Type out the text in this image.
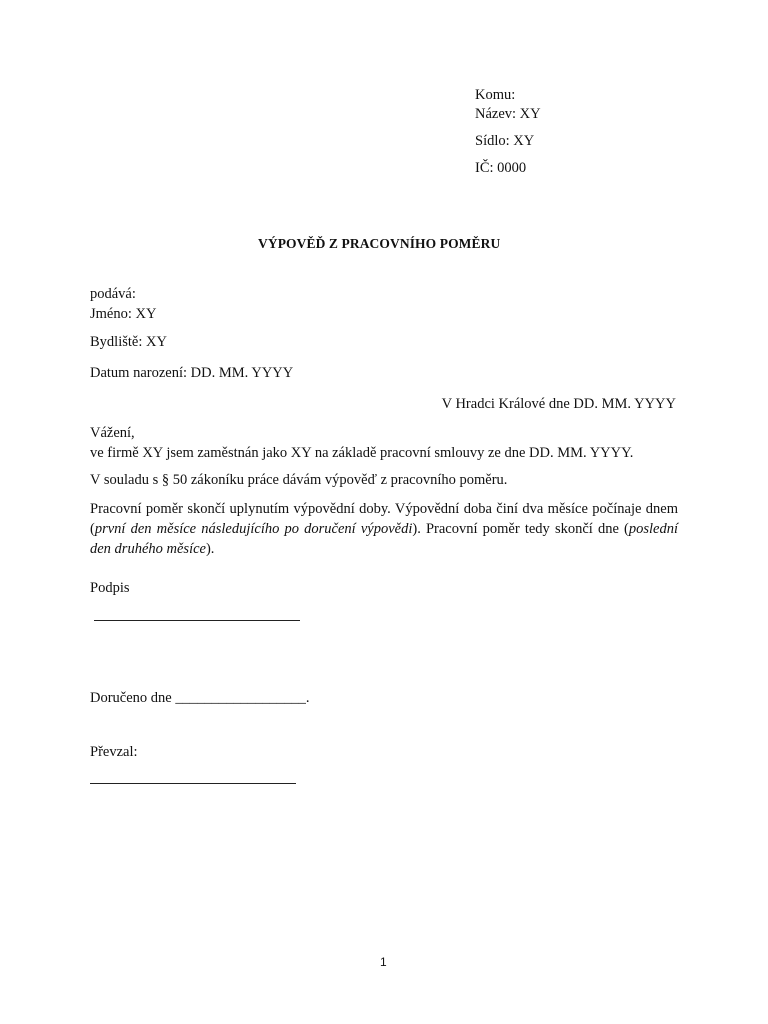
Komu:
Název: XY
Sídlo: XY
IČ: 0000
VÝPOVĚĎ Z PRACOVNÍHO POMĚRU
podává:
Jméno: XY
Bydliště: XY
Datum narození: DD. MM. YYYY
V Hradci Králové dne DD. MM. YYYY
Vážení,
ve firmě XY jsem zaměstnán jako XY na základě pracovní smlouvy ze dne DD. MM. YYYY.
V souladu s § 50 zákoníku práce dávám výpověď z pracovního poměru.
Pracovní poměr skončí uplynutím výpovědní doby. Výpovědní doba činí dva měsíce počínaje dnem (první den měsíce následujícího po doručení výpovědi). Pracovní poměr tedy skončí dne (poslední den druhého měsíce).
Podpis
Doručeno dne __________________.
Převzal:
1
